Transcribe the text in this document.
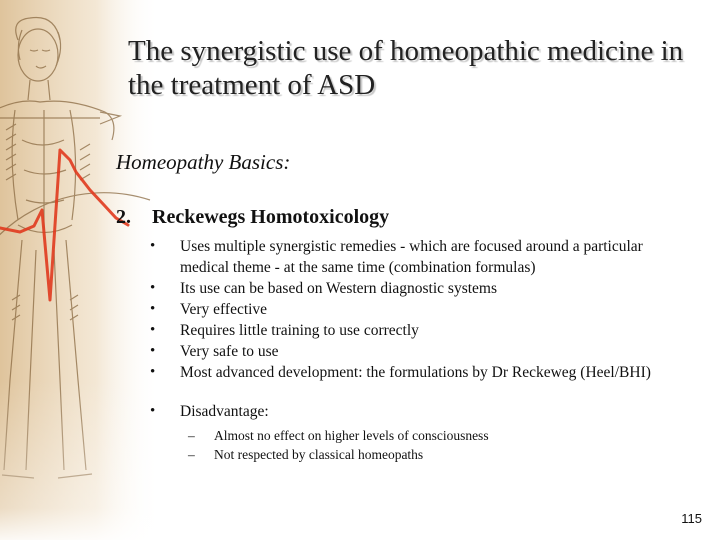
The synergistic use of homeopathic medicine in the treatment of ASD
Homeopathy Basics:
2. Reckewegs Homotoxicology
• Uses multiple synergistic remedies - which are focused around a particular medical theme - at the same time (combination formulas)
• Its use can be based on Western diagnostic systems
• Very effective
• Requires little training to use correctly
• Very safe to use
• Most advanced development: the formulations by Dr Reckeweg (Heel/BHI)
• Disadvantage:
– Almost no effect on higher levels of consciousness
– Not respected by classical homeopaths
115
